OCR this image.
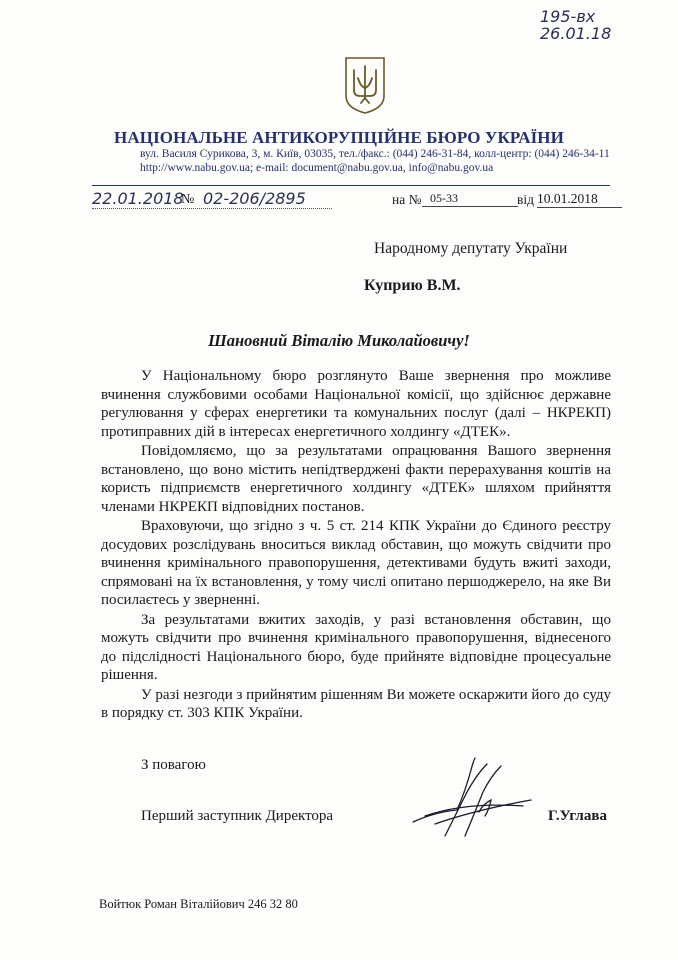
195-вх
26.01.18
НАЦІОНАЛЬНЕ АНТИКОРУПЦІЙНЕ БЮРО УКРАЇНИ
вул. Василя Сурикова, 3, м. Київ, 03035, тел./факс.: (044) 246-31-84, колл-центр: (044) 246-34-11
http://www.nabu.gov.ua; e-mail: document@nabu.gov.ua, info@nabu.gov.ua
22.01.2018
№ 02-206/2895	на № 05-33	від 10.01.2018
Народному депутату України
Куприю В.М.
Шановний Віталію Миколайовичу!

У Національному бюро розглянуто Ваше звернення про можливе вчинення службовими особами Національної комісії, що здійснює державне регулювання у сферах енергетики та комунальних послуг (далі – НКРЕКП) протиправних дій в інтересах енергетичного холдингу «ДТЕК».

Повідомляємо, що за результатами опрацювання Вашого звернення встановлено, що воно містить непідтверджені факти перерахування коштів на користь підприємств енергетичного холдингу «ДТЕК» шляхом прийняття членами НКРЕКП відповідних постанов.

Враховуючи, що згідно з ч. 5 ст. 214 КПК України до Єдиного реєстру досудових розслідувань вноситься виклад обставин, що можуть свідчити про вчинення кримінального правопорушення, детективами будуть вжиті заходи, спрямовані на їх встановлення, у тому числі опитано першоджерело, на яке Ви посилаєтесь у зверненні.

За результатами вжитих заходів, у разі встановлення обставин, що можуть свідчити про вчинення кримінального правопорушення, віднесеного до підслідності Національного бюро, буде прийняте відповідне процесуальне рішення.

У разі незгоди з прийнятим рішенням Ви можете оскаржити його до суду в порядку ст. 303 КПК України.

З повагою
Перший заступник Директора	Г.Углава
Войтюк Роман Віталійович 246 32 80
